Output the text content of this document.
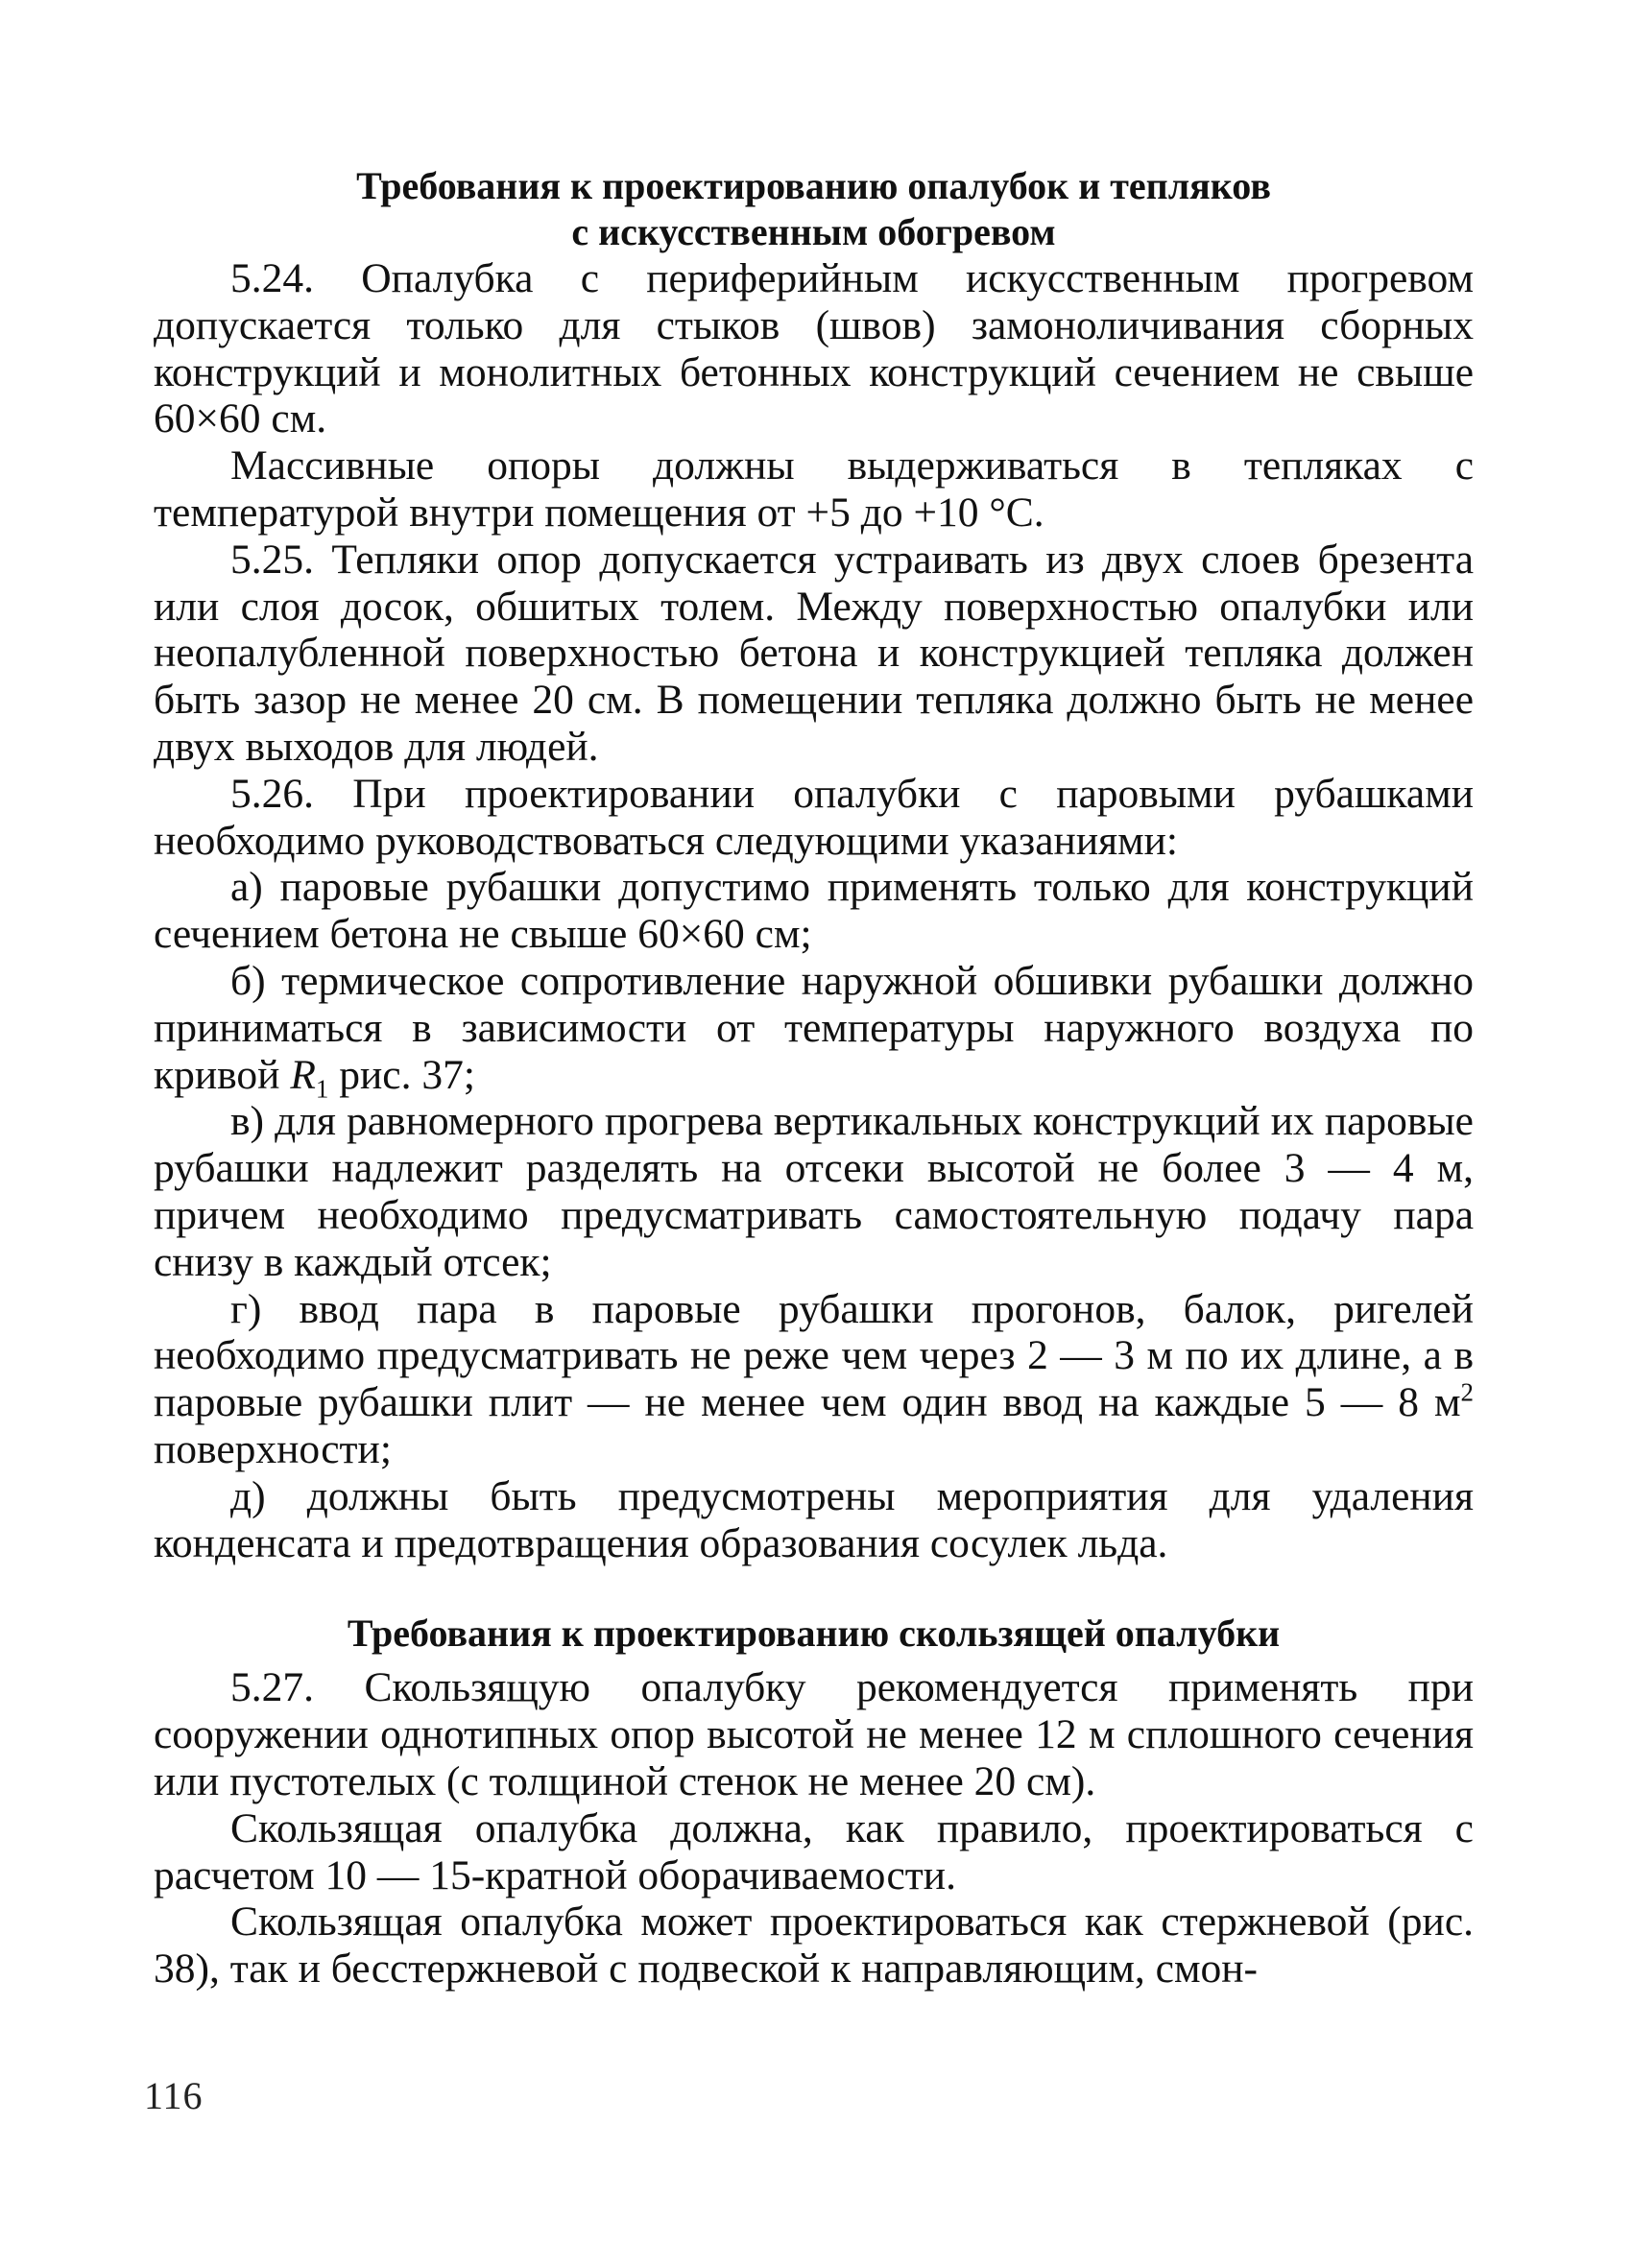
Требования к проектированию опалубок и тепляков
с искусственным обогревом

5.24. Опалубка с периферийным искусственным прогревом допускается только для стыков (швов) замоноличивания сборных конструкций и монолитных бетонных конструкций сечением не свыше 60×60 см.

Массивные опоры должны выдерживаться в тепляках с температурой внутри помещения от +5 до +10 °С.

5.25. Тепляки опор допускается устраивать из двух слоев брезента или слоя досок, обшитых толем. Между поверхностью опалубки или неопалубленной поверхностью бетона и конструкцией тепляка должен быть зазор не менее 20 см. В помещении тепляка должно быть не менее двух выходов для людей.

5.26. При проектировании опалубки с паровыми рубашками необходимо руководствоваться следующими указаниями:

а) паровые рубашки допустимо применять только для конструкций сечением бетона не свыше 60×60 см;

б) термическое сопротивление наружной обшивки рубашки должно приниматься в зависимости от температуры наружного воздуха по кривой $R_1$ рис. 37;

в) для равномерного прогрева вертикальных конструкций их паровые рубашки надлежит разделять на отсеки высотой не более 3 — 4 м, причем необходимо предусматривать самостоятельную подачу пара снизу в каждый отсек;

г) ввод пара в паровые рубашки прогонов, балок, ригелей необходимо предусматривать не реже чем через 2 — 3 м по их длине, а в паровые рубашки плит — не менее чем один ввод на каждые 5 — 8 $м^2$ поверхности;

д) должны быть предусмотрены мероприятия для удаления конденсата и предотвращения образования сосулек льда.

Требования к проектированию скользящей опалубки

5.27. Скользящую опалубку рекомендуется применять при сооружении однотипных опор высотой не менее 12 м сплошного сечения или пустотелых (с толщиной стенок не менее 20 см).

Скользящая опалубка должна, как правило, проектироваться с расчетом 10 — 15-кратной оборачиваемости.

Скользящая опалубка может проектироваться как стержневой (рис. 38), так и бесстержневой с подвеской к направляющим, смон-

116
